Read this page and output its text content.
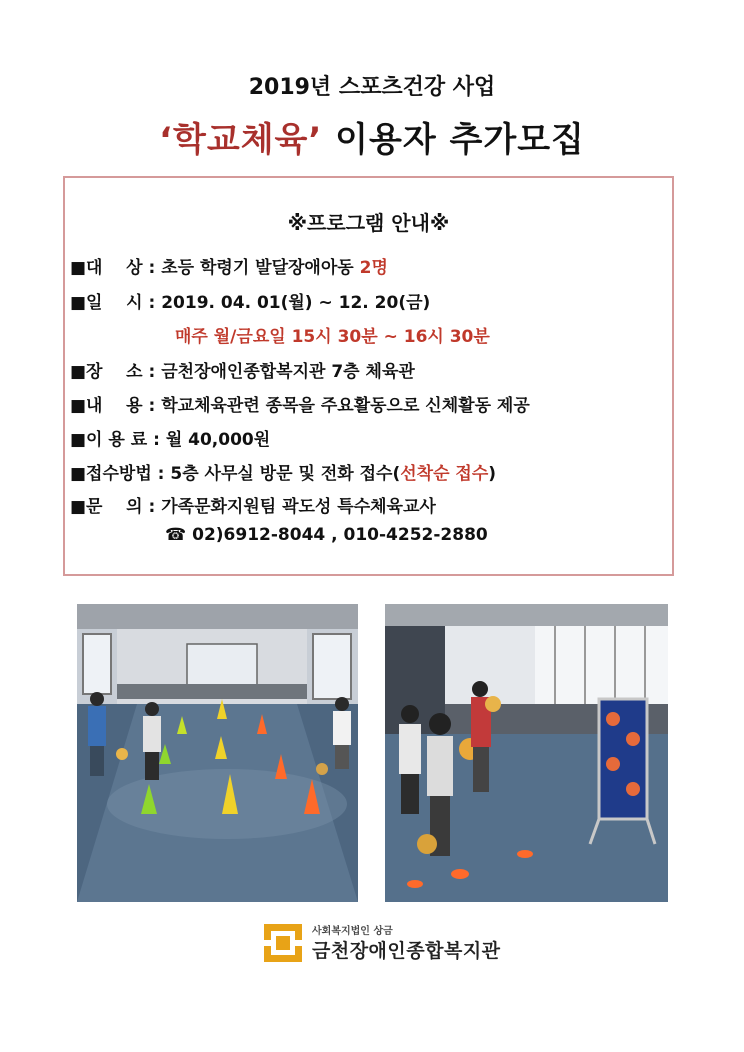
2019년 스포츠건강 사업
‘학교체육’ 이용자 추가모집
※프로그램 안내※
■대    상 : 초등 학령기 발달장애아동 2명
■일    시 : 2019. 04. 01(월) ~ 12. 20(금)
매주 월/금요일 15시 30분 ~ 16시 30분
■장    소 : 금천장애인종합복지관 7층 체육관
■내    용 : 학교체육관련 종목을 주요활동으로 신체활동 제공
■이 용 료 : 월 40,000원
■접수방법 : 5층 사무실 방문 및 전화 접수(선착순 접수)
■문    의 : 가족문화지원팀 곽도성 특수체육교사
☎ 02)6912-8044 , 010-4252-2880
사회복지법인 상금
금천장애인종합복지관
